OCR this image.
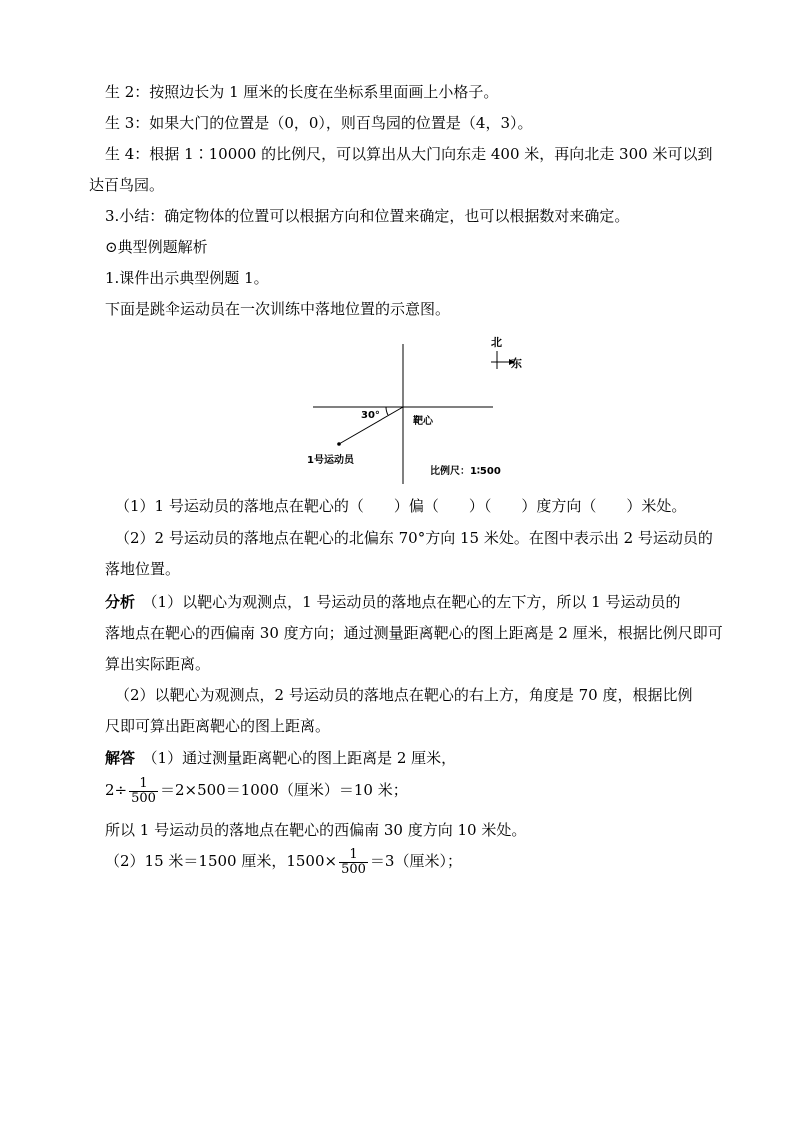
生 2：按照边长为 1 厘米的长度在坐标系里面画上小格子。
生 3：如果大门的位置是（0，0），则百鸟园的位置是（4，3）。
生 4：根据 1∶10000 的比例尺，可以算出从大门向东走 400 米，再向北走 300 米可以到
达百鸟园。
3.小结：确定物体的位置可以根据方向和位置来确定，也可以根据数对来确定。
⊙典型例题解析
1.课件出示典型例题 1。
下面是跳伞运动员在一次训练中落地位置的示意图。
30°
靶心
1号运动员
比例尺：1∶500
北
东
（1）1 号运动员的落地点在靶心的（　　）偏（　　）（　　）度方向（　　）米处。
（2）2 号运动员的落地点在靶心的北偏东 70°方向 15 米处。在图中表示出 2 号运动员的
落地位置。
分析　 （1）以靶心为观测点，1 号运动员的落地点在靶心的左下方，所以 1 号运动员的
落地点在靶心的西偏南 30 度方向；通过测量距离靶心的图上距离是 2 厘米，根据比例尺即可
算出实际距离。
（2）以靶心为观测点，2 号运动员的落地点在靶心的右上方，角度是 70 度，根据比例
尺即可算出距离靶心的图上距离。
解答　 （1）通过测量距离靶心的图上距离是 2 厘米，
$2\div \frac{1}{500} =2\times 500=1000$（厘米）＝10 米；
所以 1 号运动员的落地点在靶心的西偏南 30 度方向 10 米处。
（2）15 米＝1500 厘米，$1500\times \frac{1}{500} =3$（厘米）；
